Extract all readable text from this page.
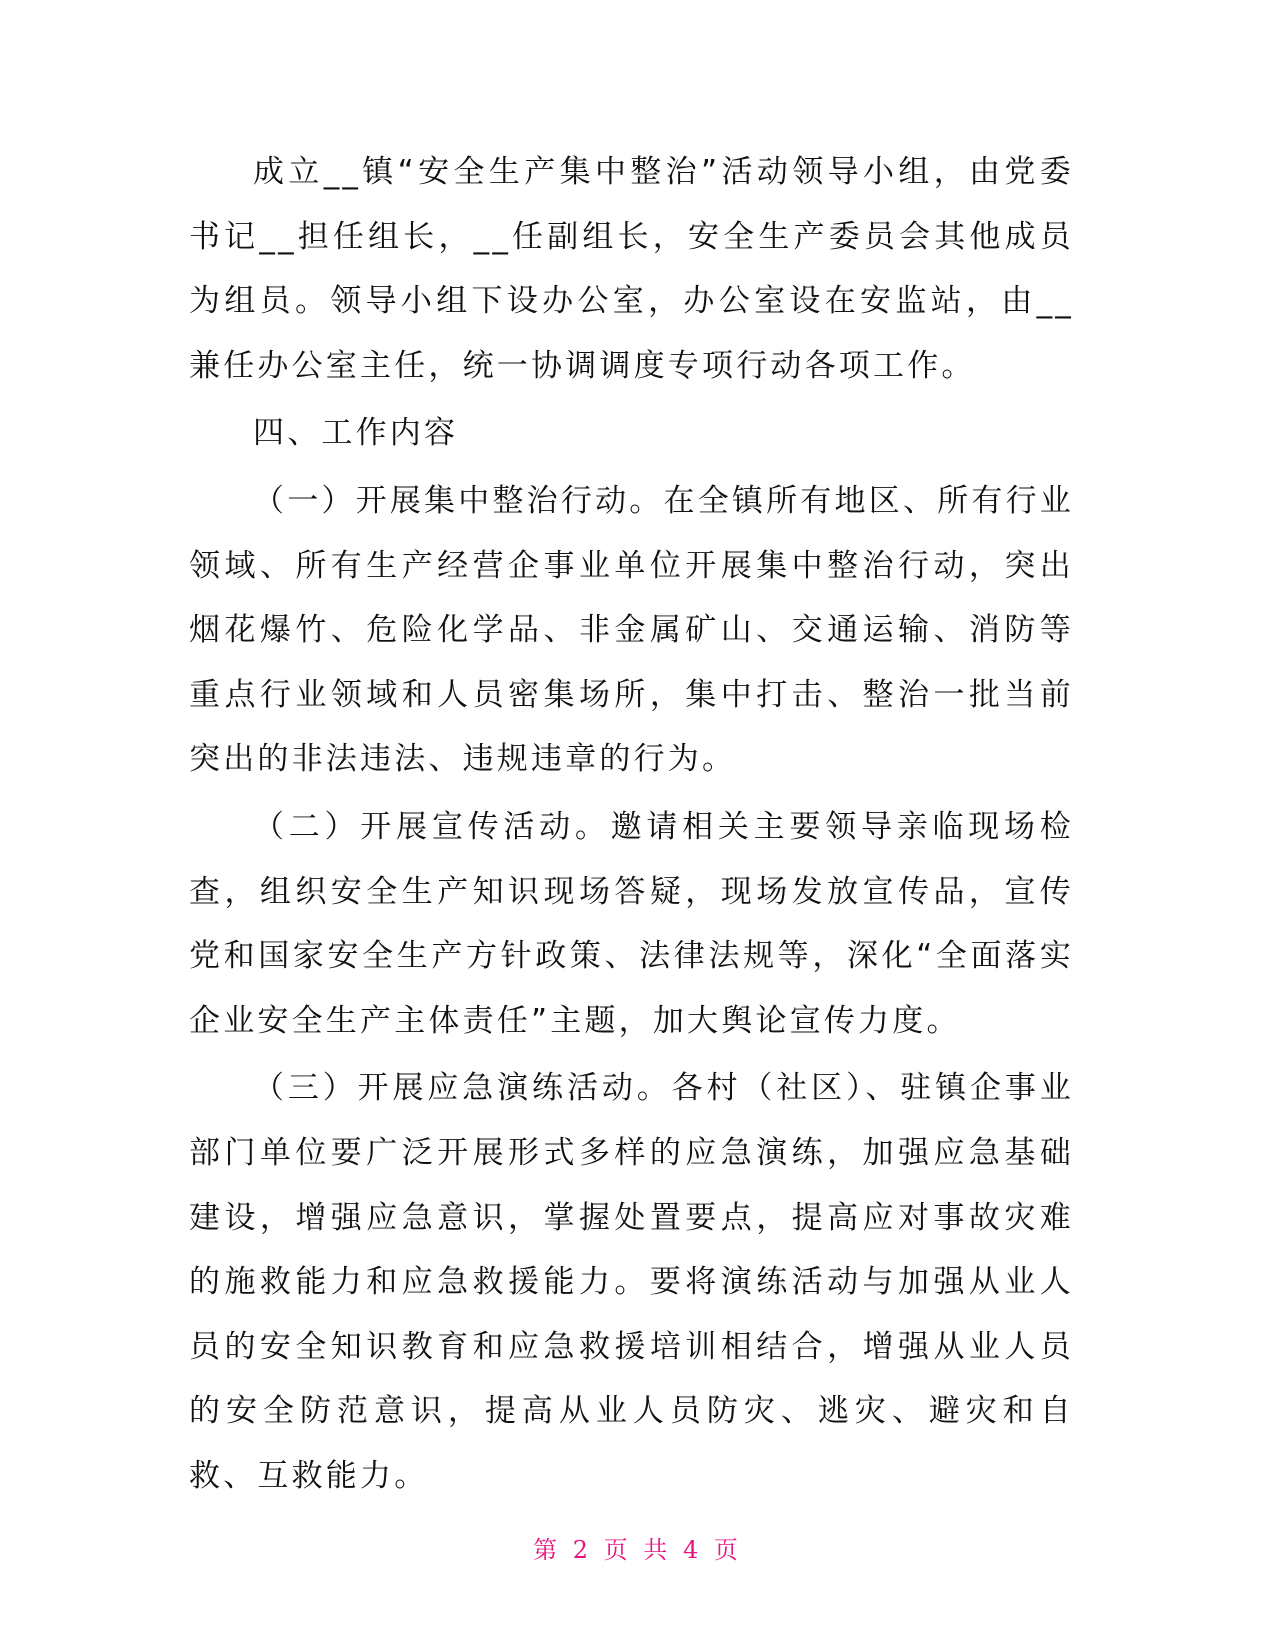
成立__镇“安全生产集中整治”活动领导小组，由党委书记__担任组长，__任副组长，安全生产委员会其他成员为组员。领导小组下设办公室，办公室设在安监站，由__兼任办公室主任，统一协调调度专项行动各项工作。

四、工作内容

（一）开展集中整治行动。在全镇所有地区、所有行业领域、所有生产经营企事业单位开展集中整治行动，突出烟花爆竹、危险化学品、非金属矿山、交通运输、消防等重点行业领域和人员密集场所，集中打击、整治一批当前突出的非法违法、违规违章的行为。

（二）开展宣传活动。邀请相关主要领导亲临现场检查，组织安全生产知识现场答疑，现场发放宣传品，宣传党和国家安全生产方针政策、法律法规等，深化“全面落实企业安全生产主体责任”主题，加大舆论宣传力度。

（三）开展应急演练活动。各村（社区）、驻镇企事业部门单位要广泛开展形式多样的应急演练，加强应急基础建设，增强应急意识，掌握处置要点，提高应对事故灾难的施救能力和应急救援能力。要将演练活动与加强从业人员的安全知识教育和应急救援培训相结合，增强从业人员的安全防范意识，提高从业人员防灾、逃灾、避灾和自救、互救能力。

第 2 页 共 4 页
